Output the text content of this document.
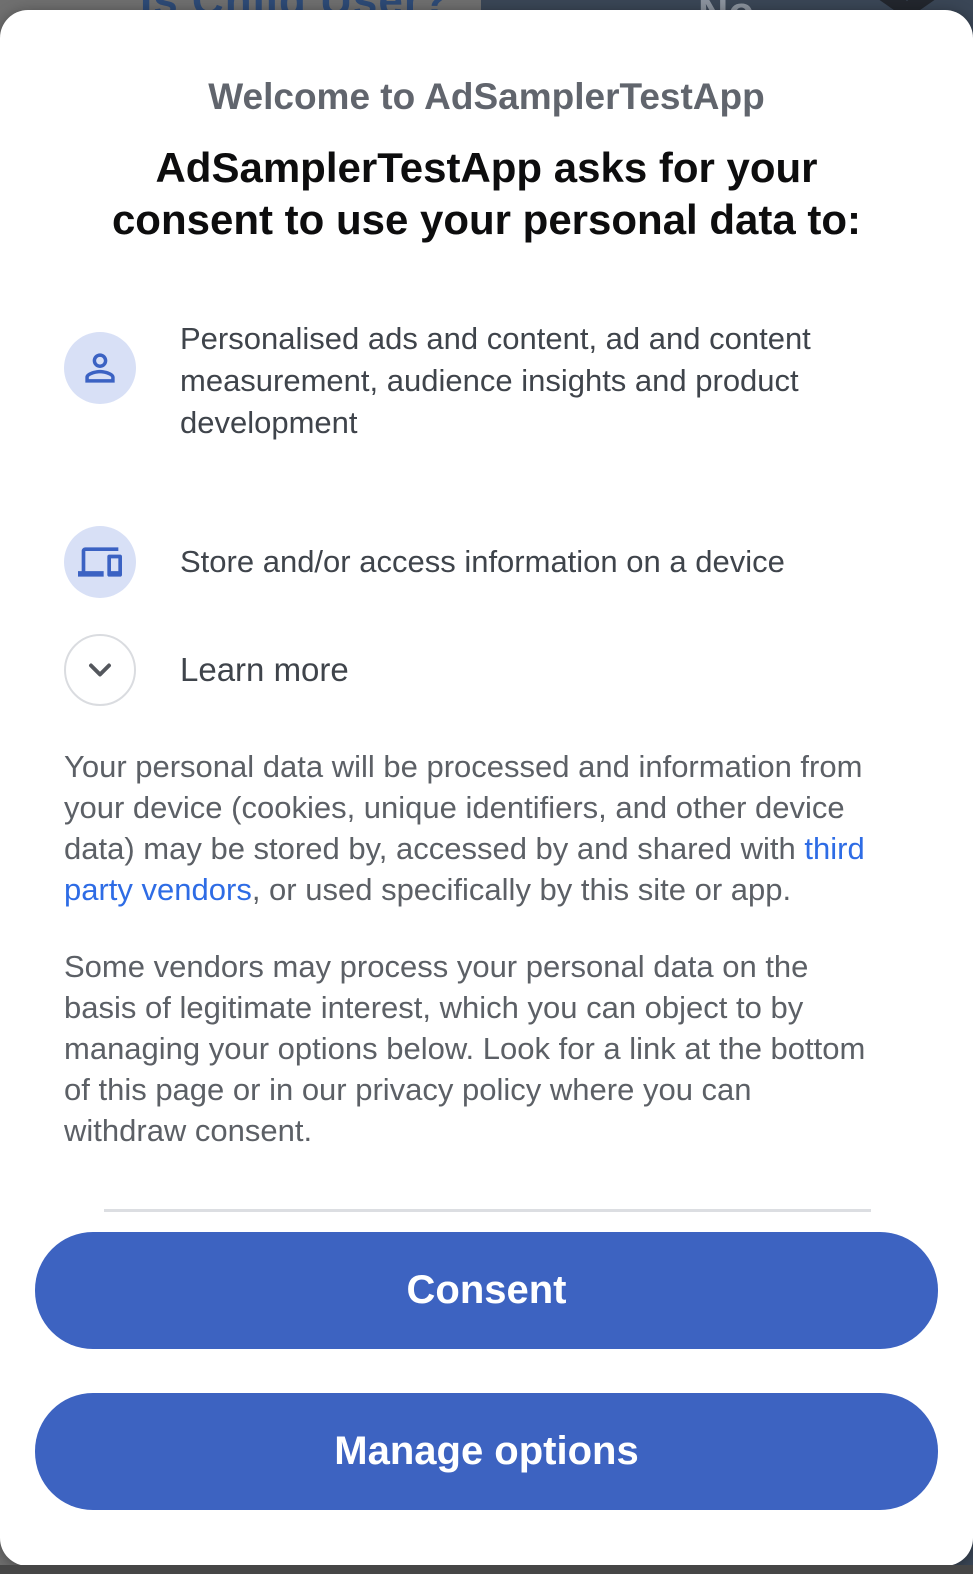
Welcome to AdSamplerTestApp
AdSamplerTestApp asks for your consent to use your personal data to:
Personalised ads and content, ad and content measurement, audience insights and product development
Store and/or access information on a device
Learn more

Your personal data will be processed and information from your device (cookies, unique identifiers, and other device data) may be stored by, accessed by and shared with third party vendors, or used specifically by this site or app.

Some vendors may process your personal data on the basis of legitimate interest, which you can object to by managing your options below. Look for a link at the bottom of this page or in our privacy policy where you can withdraw consent.

Consent
Manage options
